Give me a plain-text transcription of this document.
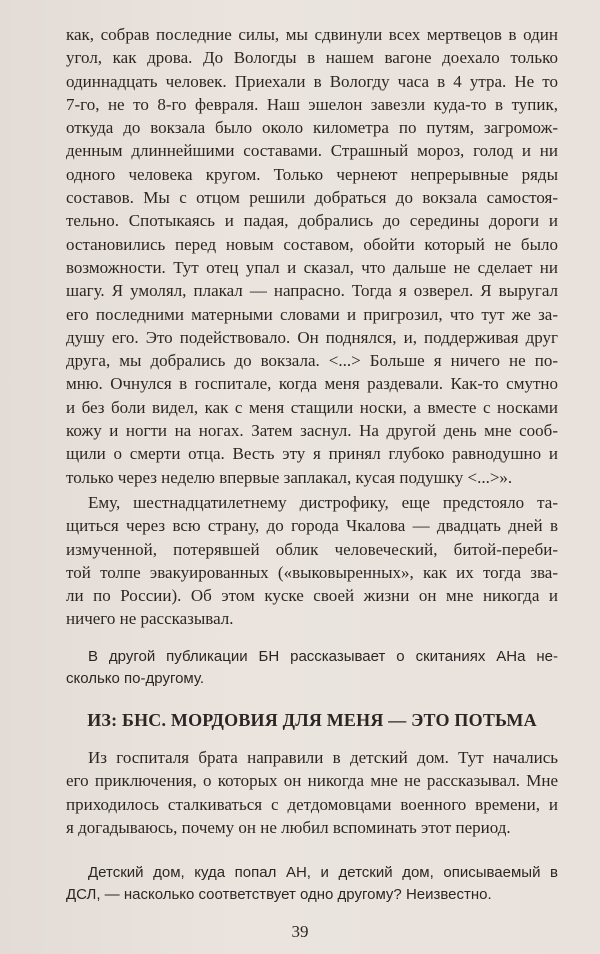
как, собрав последние силы, мы сдвинули всех мертвецов в один
угол, как дрова. До Вологды в нашем вагоне доехало только
одиннадцать человек. Приехали в Вологду часа в 4 утра. Не то
7-го, не то 8-го февраля. Наш эшелон завезли куда-то в тупик,
откуда до вокзала было около километра по путям, загромож-
денным длиннейшими составами. Страшный мороз, голод и ни
одного человека кругом. Только чернеют непрерывные ряды
составов. Мы с отцом решили добраться до вокзала самостоя-
тельно. Спотыкаясь и падая, добрались до середины дороги и
остановились перед новым составом, обойти который не было
возможности. Тут отец упал и сказал, что дальше не сделает ни
шагу. Я умолял, плакал — напрасно. Тогда я озверел. Я выругал
его последними матерными словами и пригрозил, что тут же за-
душу его. Это подействовало. Он поднялся, и, поддерживая друг
друга, мы добрались до вокзала. <...> Больше я ничего не по-
мню. Очнулся в госпитале, когда меня раздевали. Как-то смутно
и без боли видел, как с меня стащили носки, а вместе с носками
кожу и ногти на ногах. Затем заснул. На другой день мне сооб-
щили о смерти отца. Весть эту я принял глубоко равнодушно и
только через неделю впервые заплакал, кусая подушку <...>».
Ему, шестнадцатилетнему дистрофику, еще предстояло та-
щиться через всю страну, до города Чкалова — двадцать дней в
измученной, потерявшей облик человеческий, битой-переби-
той толпе эвакуированных («выковыренных», как их тогда зва-
ли по России). Об этом куске своей жизни он мне никогда и
ничего не рассказывал.
В другой публикации БН рассказывает о скитаниях АНа не-
сколько по-другому.
ИЗ: БНС. МОРДОВИЯ ДЛЯ МЕНЯ — ЭТО ПОТЬМА
Из госпиталя брата направили в детский дом. Тут начались
его приключения, о которых он никогда мне не рассказывал. Мне
приходилось сталкиваться с детдомовцами военного времени, и
я догадываюсь, почему он не любил вспоминать этот период.
Детский дом, куда попал АН, и детский дом, описываемый в
ДСЛ, — насколько соответствует одно другому? Неизвестно.
39
